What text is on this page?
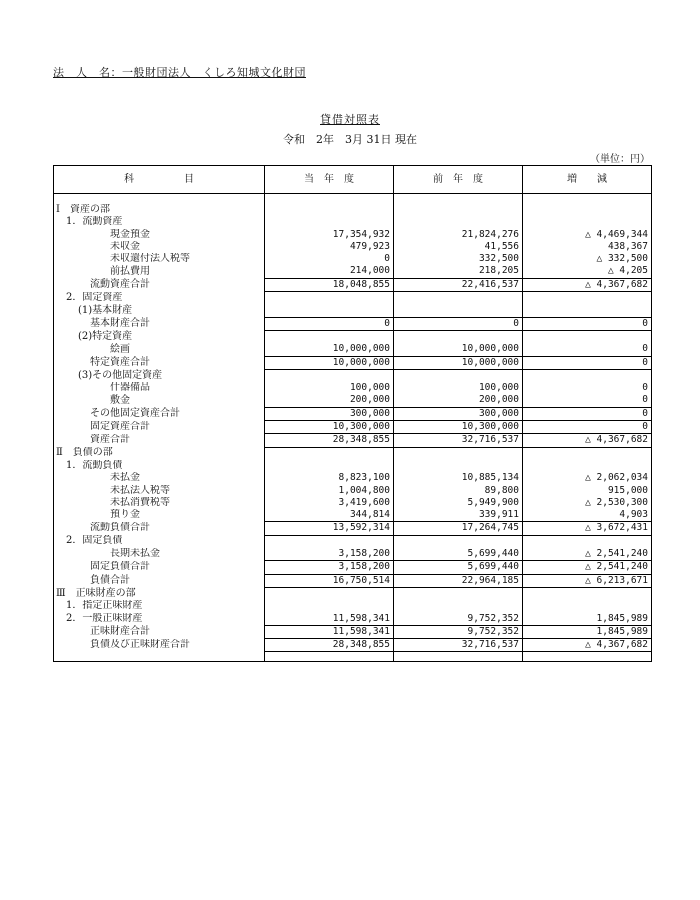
法　人　名：一般財団法人　くしろ知城文化財団
貸借対照表
令和　2年　3月 31日 現在
（単位：円）
科　　　　　目	当　年　度	前　年　度	増　　減

Ⅰ　資産の部			
1．流動資産			
現金預金	17,354,932	21,824,276	△ 4,469,344
未収金	479,923	41,556	438,367
未収還付法人税等	0	332,500	△ 332,500
前払費用	214,000	218,205	△ 4,205
流動資産合計	18,048,855	22,416,537	△ 4,367,682
2．固定資産			
(1)基本財産			
基本財産合計	0	0	0
(2)特定資産			
絵画	10,000,000	10,000,000	0
特定資産合計	10,000,000	10,000,000	0
(3)その他固定資産			
什器備品	100,000	100,000	0
敷金	200,000	200,000	0
その他固定資産合計	300,000	300,000	0
固定資産合計	10,300,000	10,300,000	0
資産合計	28,348,855	32,716,537	△ 4,367,682
Ⅱ　負債の部			
1．流動負債			
未払金	8,823,100	10,885,134	△ 2,062,034
未払法人税等	1,004,800	89,800	915,000
未払消費税等	3,419,600	5,949,900	△ 2,530,300
預り金	344,814	339,911	4,903
流動負債合計	13,592,314	17,264,745	△ 3,672,431
2．固定負債			
長期未払金	3,158,200	5,699,440	△ 2,541,240
固定負債合計	3,158,200	5,699,440	△ 2,541,240
負債合計	16,750,514	22,964,185	△ 6,213,671
Ⅲ　正味財産の部			
1．指定正味財産			
2．一般正味財産	11,598,341	9,752,352	1,845,989
正味財産合計	11,598,341	9,752,352	1,845,989
負債及び正味財産合計	28,348,855	32,716,537	△ 4,367,682
